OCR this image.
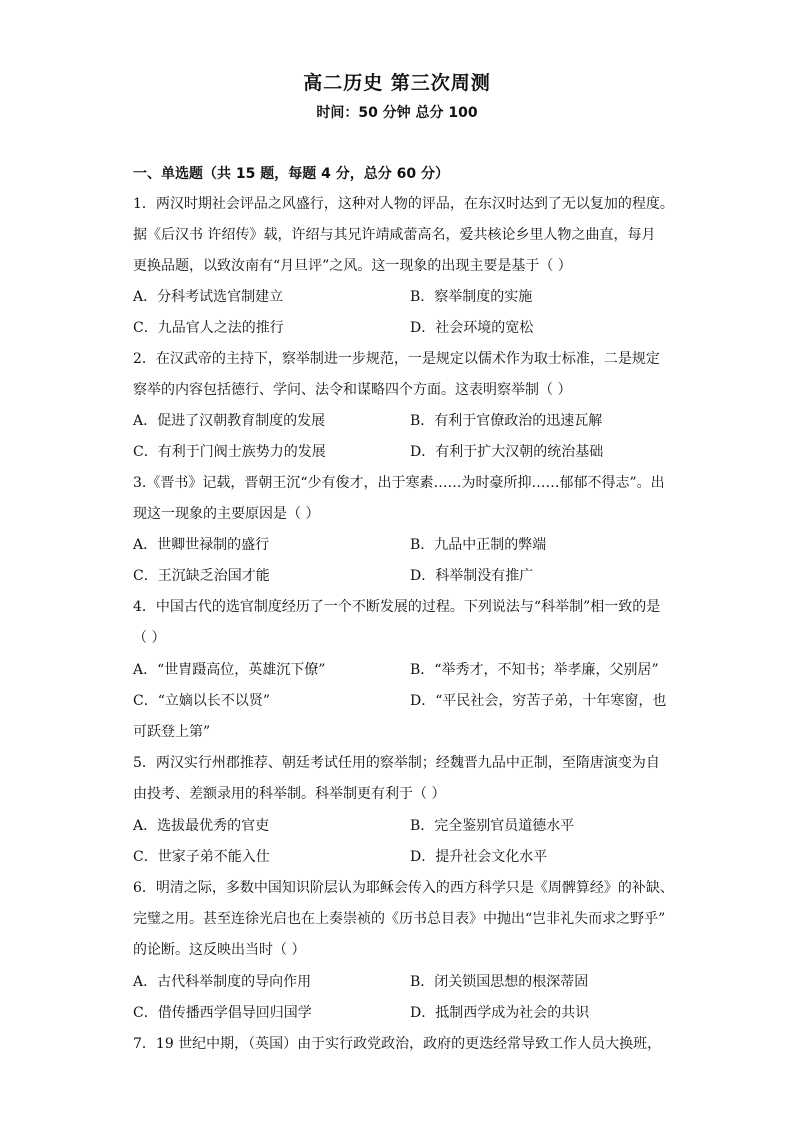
高二历史 第三次周测
时间：50 分钟 总分 100
一、单选题（共 15 题，每题 4 分，总分 60 分）
1．两汉时期社会评品之风盛行，这种对人物的评品，在东汉时达到了无以复加的程度。
据《后汉书 许绍传》载，许绍与其兄许靖咸蕾高名，爱共核论乡里人物之曲直，每月
更换品题，以致汝南有“月旦评”之风。这一现象的出现主要是基于（ ）
A．分科考试选官制建立	B．察举制度的实施
C．九品官人之法的推行	D．社会环境的宽松
2．在汉武帝的主持下，察举制进一步规范，一是规定以儒术作为取士标准，二是规定
察举的内容包括德行、学问、法令和谋略四个方面。这表明察举制（ ）
A．促进了汉朝教育制度的发展	B．有利于官僚政治的迅速瓦解
C．有利于门阀士族势力的发展	D．有利于扩大汉朝的统治基础
3.《晋书》记载，晋朝王沉“少有俊才，出于寒素……为时豪所抑……郁郁不得志”。出
现这一现象的主要原因是（ ）
A．世卿世禄制的盛行	B．九品中正制的弊端
C．王沉缺乏治国才能	D．科举制没有推广
4．中国古代的选官制度经历了一个不断发展的过程。下列说法与“科举制”相一致的是
（ ）
A．“世胄蹑高位，英雄沉下僚”	B．“举秀才，不知书；举孝廉，父别居”
C．“立嫡以长不以贤”	D．“平民社会，穷苦子弟，十年寒窗，也
可跃登上第”
5．两汉实行州郡推荐、朝廷考试任用的察举制；经魏晋九品中正制，至隋唐演变为自
由投考、差额录用的科举制。科举制更有利于（ ）
A．选拔最优秀的官吏	B．完全鉴别官员道德水平
C．世家子弟不能入仕	D．提升社会文化水平
6．明清之际，多数中国知识阶层认为耶稣会传入的西方科学只是《周髀算经》的补缺、
完璧之用。甚至连徐光启也在上奏崇祯的《历书总目表》中抛出“岂非礼失而求之野乎”
的论断。这反映出当时（ ）
A．古代科举制度的导向作用	B．闭关锁国思想的根深蒂固
C．借传播西学倡导回归国学	D．抵制西学成为社会的共识
7．19 世纪中期，（英国）由于实行政党政治，政府的更迭经常导致工作人员大换班，
